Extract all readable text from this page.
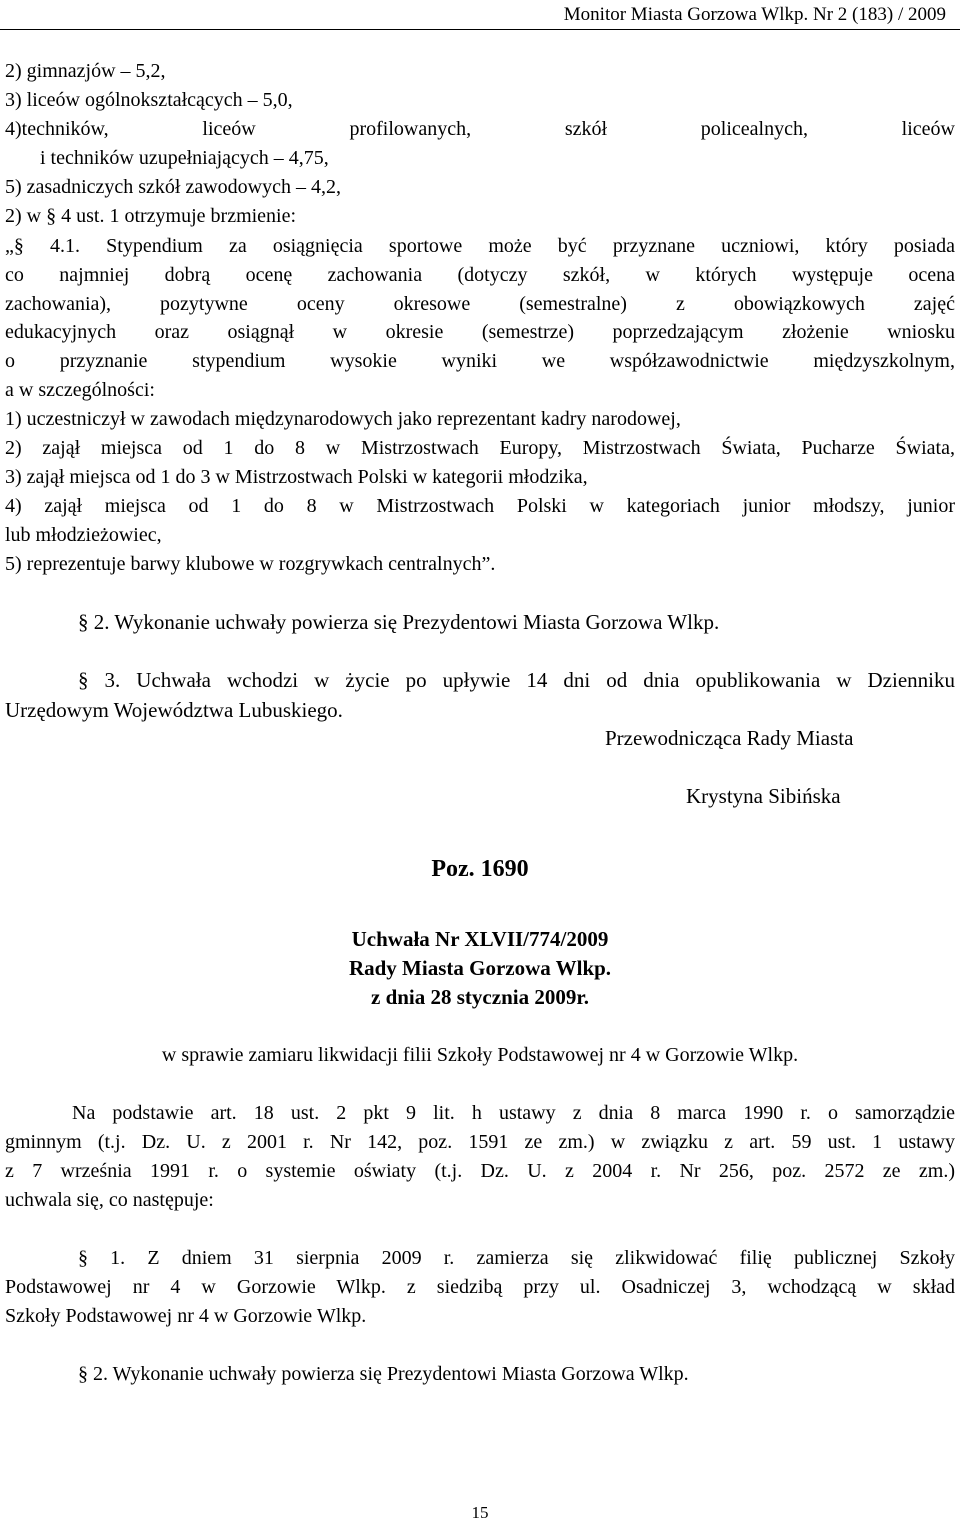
Monitor Miasta Gorzowa Wlkp. Nr 2 (183) / 2009
2) gimnazjów – 5,2,
3) liceów ogólnokształcących – 5,0,
4)techników, liceów profilowanych, szkół policealnych, liceów
i techników uzupełniających – 4,75,
5) zasadniczych szkół zawodowych – 4,2,
2) w § 4 ust. 1 otrzymuje brzmienie:
„§ 4.1. Stypendium za osiągnięcia sportowe może być przyznane uczniowi, który posiada
co najmniej dobrą ocenę zachowania (dotyczy szkół, w których występuje ocena
zachowania), pozytywne oceny okresowe (semestralne) z obowiązkowych zajęć
edukacyjnych oraz osiągnął w okresie (semestrze) poprzedzającym złożenie wniosku
o przyznanie stypendium wysokie wyniki we współzawodnictwie międzyszkolnym,
a w szczególności:
1) uczestniczył w zawodach międzynarodowych jako reprezentant kadry narodowej,
2) zajął miejsca od 1 do 8 w Mistrzostwach Europy, Mistrzostwach Świata, Pucharze Świata,
3) zajął miejsca od 1 do 3 w Mistrzostwach Polski w kategorii młodzika,
4) zajął miejsca od 1 do 8 w Mistrzostwach Polski w kategoriach junior młodszy, junior
lub młodzieżowiec,
5) reprezentuje barwy klubowe w rozgrywkach centralnych”.
§ 2. Wykonanie uchwały powierza się Prezydentowi Miasta Gorzowa Wlkp.
§ 3. Uchwała wchodzi w życie po upływie 14 dni od dnia opublikowania w Dzienniku
Urzędowym Województwa Lubuskiego.
Przewodnicząca Rady Miasta
Krystyna Sibińska
Poz. 1690
Uchwała Nr XLVII/774/2009
Rady Miasta Gorzowa Wlkp.
z dnia 28 stycznia 2009r.
w sprawie zamiaru likwidacji filii Szkoły Podstawowej nr 4 w Gorzowie Wlkp.
Na podstawie art. 18 ust. 2 pkt 9 lit. h ustawy z dnia 8 marca 1990 r. o samorządzie
gminnym (t.j. Dz. U. z 2001 r. Nr 142, poz. 1591 ze zm.) w związku z art. 59 ust. 1 ustawy
z 7 września 1991 r. o systemie oświaty (t.j. Dz. U. z 2004 r. Nr 256, poz. 2572 ze zm.)
uchwala się, co następuje:
§ 1. Z dniem 31 sierpnia 2009 r. zamierza się zlikwidować filię publicznej Szkoły
Podstawowej nr 4 w Gorzowie Wlkp. z siedzibą przy ul. Osadniczej 3, wchodzącą w skład
Szkoły Podstawowej nr 4 w Gorzowie Wlkp.
§ 2. Wykonanie uchwały powierza się Prezydentowi Miasta Gorzowa Wlkp.
15
